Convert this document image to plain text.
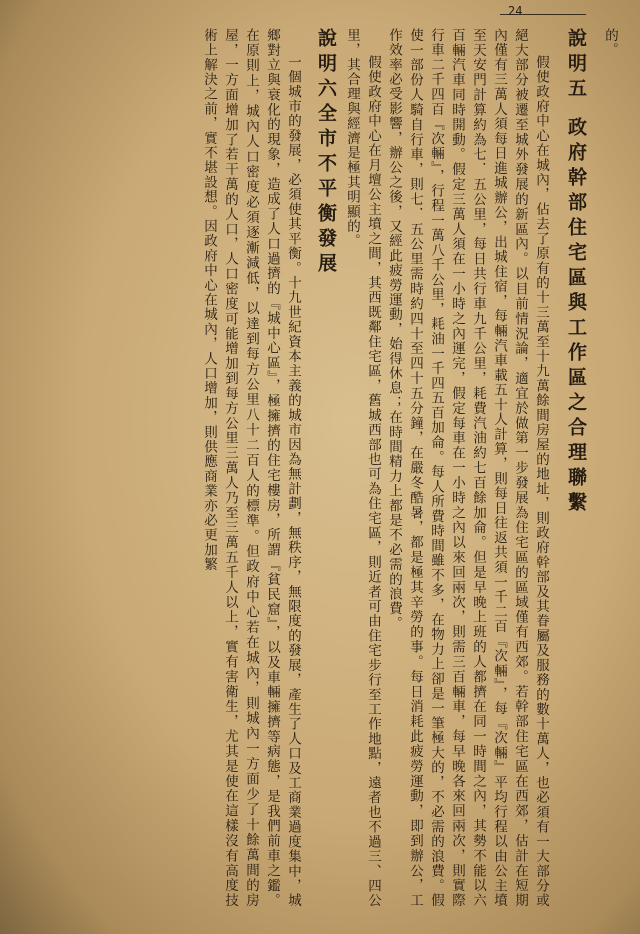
24

的。

說明五政府幹部住宅區與工作區之合理聯繫

假使政府中心在城內，佔去了原有的十三萬至十九萬餘間房屋的地址，則政府幹部及其眷屬及服務的數十萬人，也必須有一大部分或絕大部分被遷至城外發展的新區內。以目前情況論，適宜於做第一步發展為住宅區的區域僅有西郊。若幹部住宅區在西郊，估計在短期內僅有三萬人須每日進城辦公，出城住宿，每輛汽車載五十人計算，則每日往返共須一千二百『次輛』，每『次輛』平均行程以由公主墳至天安門計算約為七．五公里，每日共行車九千公里，耗費汽油約七百餘加侖。但是早晚上班的人都擠在同一時間之內，其勢不能以六百輛汽車同時開動。假定三萬人須在一小時之內運完，假定每車在一小時之內以來回兩次，則需三百輛車，每早晚各來回兩次，則實際行車二千四百『次輛』，行程一萬八千公里，耗油一千四五百加侖。每人所費時間雖不多，在物力上卻是一筆極大的，不必需的浪費。假使一部份人騎自行車，則七．五公里需時約四十至四十五分鐘，在嚴冬酷暑，都是極其辛勞的事。每日消耗此疲勞運動，即到辦公，工作效率必受影響，辦公之後，又經此疲勞運動，始得休息；在時間精力上都是不必需的浪費。

假使政府中心在月壇公主墳之間，其西既鄰住宅區，舊城西部也可為住宅區，則近者可由住宅步行至工作地點，遠者也不過三、四公里，其合理與經濟是極其明顯的。

說明六全市不平衡發展

一個城市的發展，必須使其平衡。十九世紀資本主義的城市因為無計劃，無秩序，無限度的發展，產生了人口及工商業過度集中，城鄉對立與衰化的現象，造成了人口過擠的『城中心區』，極擁擠的住宅樓房，所謂『貧民窟』，以及車輛擁擠等病態，是我們前車之鑑。在原則上，城內人口密度必須逐漸減低，以達到每方公里八十二百人的標準。但政府中心若在城內，則城內一方面少了十餘萬間的房屋，一方面增加了若干萬的人口，人口密度可能增加到每方公里三萬人乃至三萬五千人以上，實有害衛生，尤其是使在這樣沒有高度技術上解決之前，實不堪設想。因政府中心在城內，人口增加，則供應商業亦必更加繁
